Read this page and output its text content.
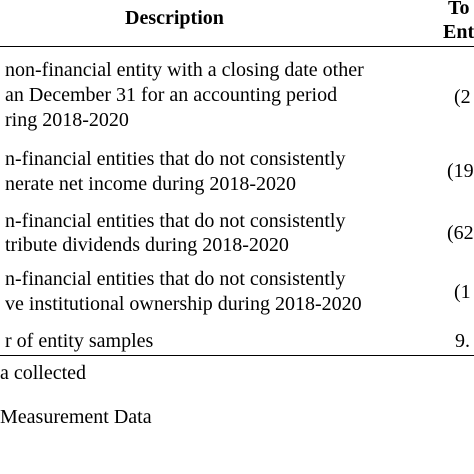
Description	To
Ent
non-financial entity with a closing date other
an December 31 for an accounting period
ring 2018-2020
(2
n-financial entities that do not consistently
nerate net income during 2018-2020
(19
n-financial entities that do not consistently
tribute dividends during 2018-2020
(62
n-financial entities that do not consistently
ve institutional ownership during 2018-2020
(1
r of entity samples	9.
a collected
Measurement Data
